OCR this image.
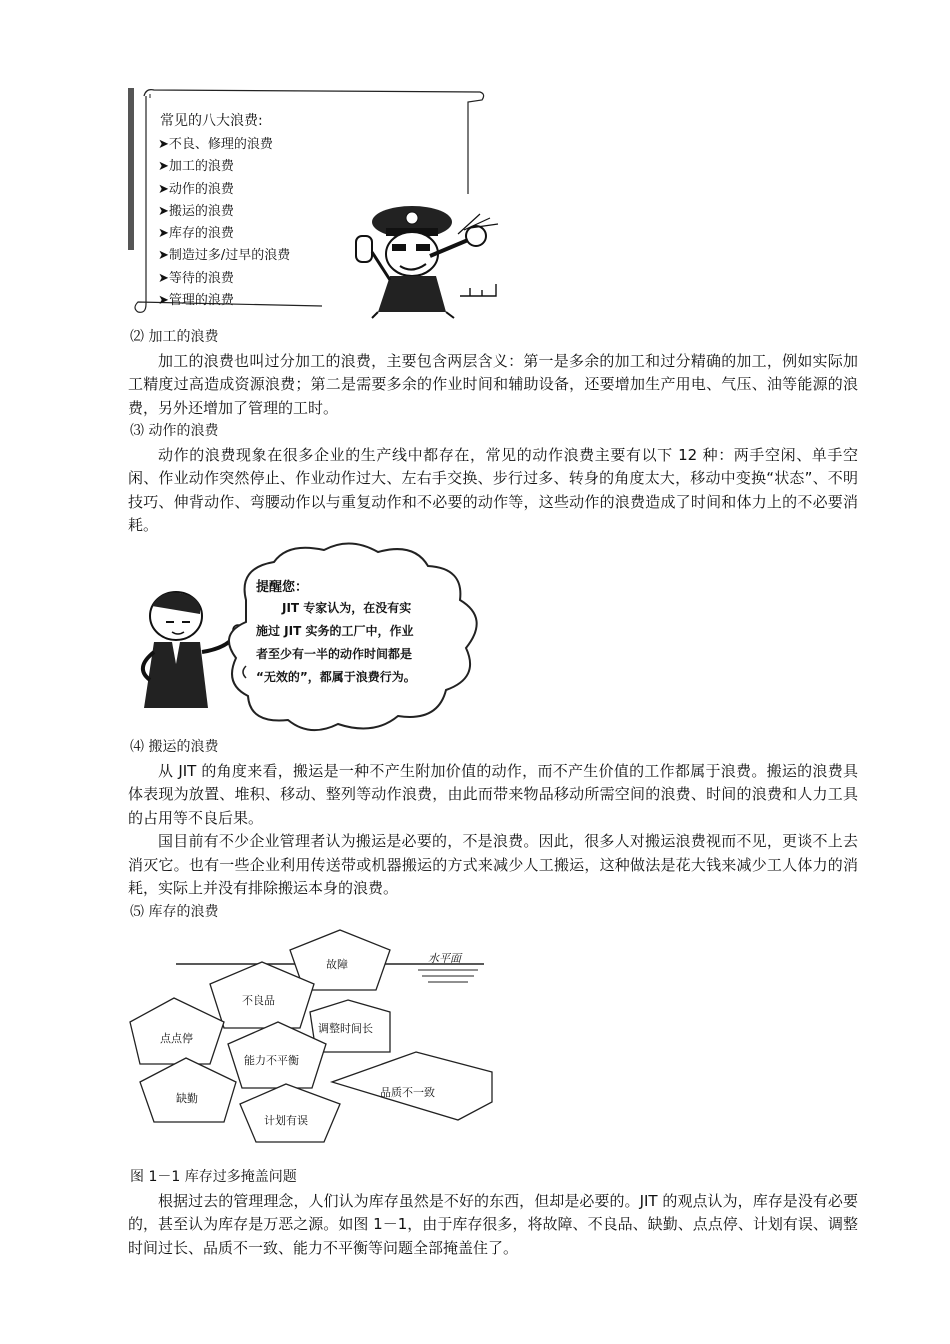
常见的八大浪费:
➤不良、修理的浪费
➤加工的浪费
➤动作的浪费
➤搬运的浪费
➤库存的浪费
➤制造过多/过早的浪费
➤等待的浪费
➤管理的浪费

⑵ 加工的浪费

加工的浪费也叫过分加工的浪费，主要包含两层含义：第一是多余的加工和过分精确的加工，例如实际加工精度过高造成资源浪费；第二是需要多余的作业时间和辅助设备，还要增加生产用电、气压、油等能源的浪费，另外还增加了管理的工时。

⑶ 动作的浪费

动作的浪费现象在很多企业的生产线中都存在，常见的动作浪费主要有以下 12 种：两手空闲、单手空闲、作业动作突然停止、作业动作过大、左右手交换、步行过多、转身的角度太大，移动中变换“状态”、不明技巧、伸背动作、弯腰动作以与重复动作和不必要的动作等，这些动作的浪费造成了时间和体力上的不必要消耗。

提醒您：
JIT 专家认为，在没有实
施过 JIT 实务的工厂中，作业
者至少有一半的动作时间都是
“无效的”，都属于浪费行为。

⑷ 搬运的浪费

从 JIT 的角度来看，搬运是一种不产生附加价值的动作，而不产生价值的工作都属于浪费。搬运的浪费具体表现为放置、堆积、移动、整列等动作浪费，由此而带来物品移动所需空间的浪费、时间的浪费和人力工具的占用等不良后果。

国目前有不少企业管理者认为搬运是必要的，不是浪费。因此，很多人对搬运浪费视而不见，更谈不上去消灭它。也有一些企业利用传送带或机器搬运的方式来减少人工搬运，这种做法是花大钱来减少工人体力的消耗，实际上并没有排除搬运本身的浪费。

⑸ 库存的浪费

水平面
故障
不良品
调整时间长
点点停
能力不平衡
缺勤
计划有误
品质不一致

图 1－1 库存过多掩盖问题

根据过去的管理理念，人们认为库存虽然是不好的东西，但却是必要的。JIT 的观点认为，库存是没有必要的，甚至认为库存是万恶之源。如图 1－1，由于库存很多，将故障、不良品、缺勤、点点停、计划有误、调整时间过长、品质不一致、能力不平衡等问题全部掩盖住了。
